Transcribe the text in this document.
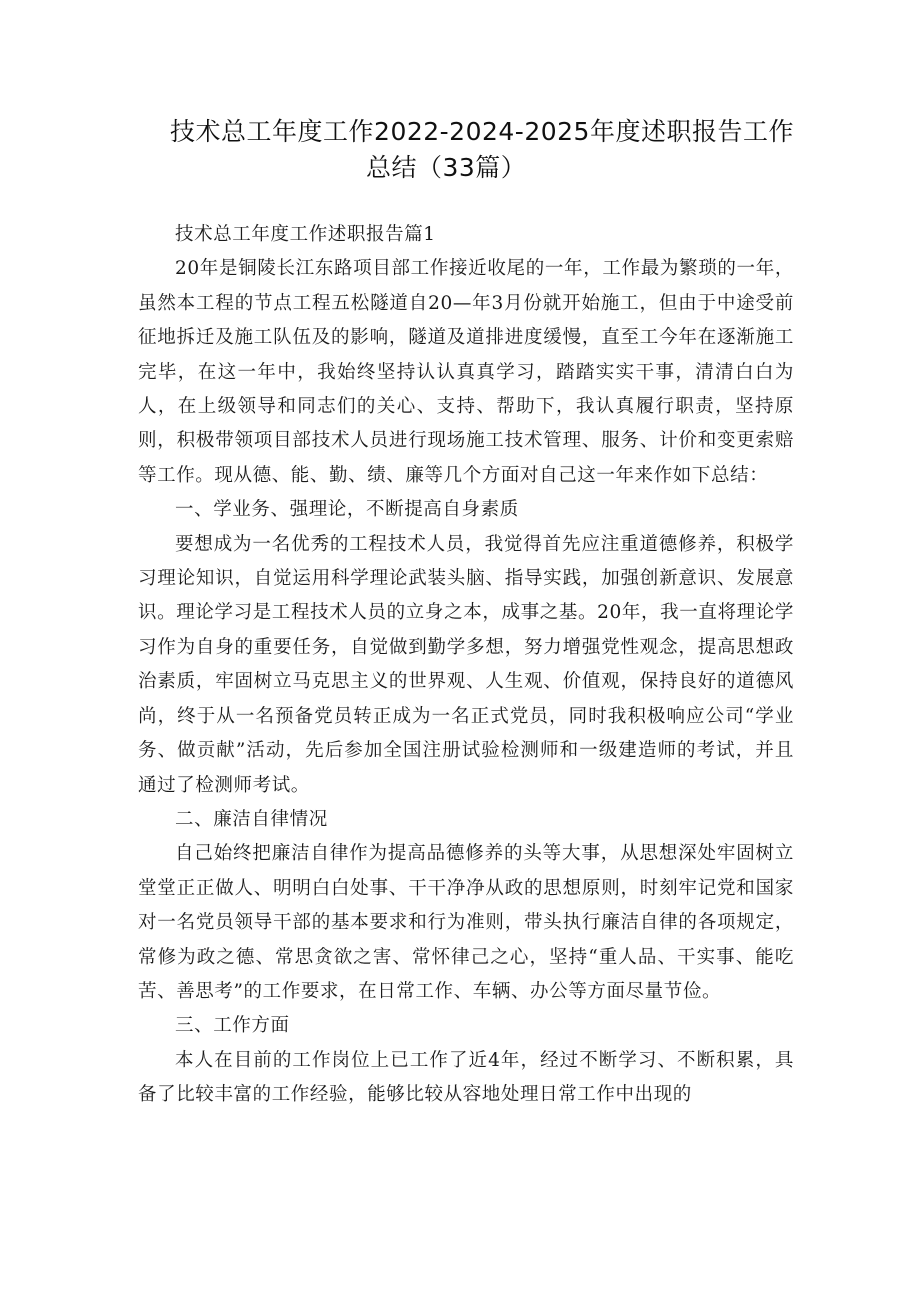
技术总工年度工作2022-2024-2025年度述职报告工作
总结（33篇）

技术总工年度工作述职报告篇1

20年是铜陵长江东路项目部工作接近收尾的一年，工作最为繁琐的一年，虽然本工程的节点工程五松隧道自20—年3月份就开始施工，但由于中途受前征地拆迁及施工队伍及的影响，隧道及道排进度缓慢，直至工今年在逐渐施工完毕，在这一年中，我始终坚持认认真真学习，踏踏实实干事，清清白白为人，在上级领导和同志们的关心、支持、帮助下，我认真履行职责，坚持原则，积极带领项目部技术人员进行现场施工技术管理、服务、计价和变更索赔等工作。现从德、能、勤、绩、廉等几个方面对自己这一年来作如下总结：

一、学业务、强理论，不断提高自身素质

要想成为一名优秀的工程技术人员，我觉得首先应注重道德修养，积极学习理论知识，自觉运用科学理论武装头脑、指导实践，加强创新意识、发展意识。理论学习是工程技术人员的立身之本，成事之基。20年，我一直将理论学习作为自身的重要任务，自觉做到勤学多想，努力增强党性观念，提高思想政治素质，牢固树立马克思主义的世界观、人生观、价值观，保持良好的道德风尚，终于从一名预备党员转正成为一名正式党员，同时我积极响应公司“学业务、做贡献”活动，先后参加全国注册试验检测师和一级建造师的考试，并且通过了检测师考试。

二、廉洁自律情况

自己始终把廉洁自律作为提高品德修养的头等大事，从思想深处牢固树立堂堂正正做人、明明白白处事、干干净净从政的思想原则，时刻牢记党和国家对一名党员领导干部的基本要求和行为准则，带头执行廉洁自律的各项规定，常修为政之德、常思贪欲之害、常怀律己之心，坚持“重人品、干实事、能吃苦、善思考”的工作要求，在日常工作、车辆、办公等方面尽量节俭。

三、工作方面

本人在目前的工作岗位上已工作了近4年，经过不断学习、不断积累，具备了比较丰富的工作经验，能够比较从容地处理日常工作中出现的
